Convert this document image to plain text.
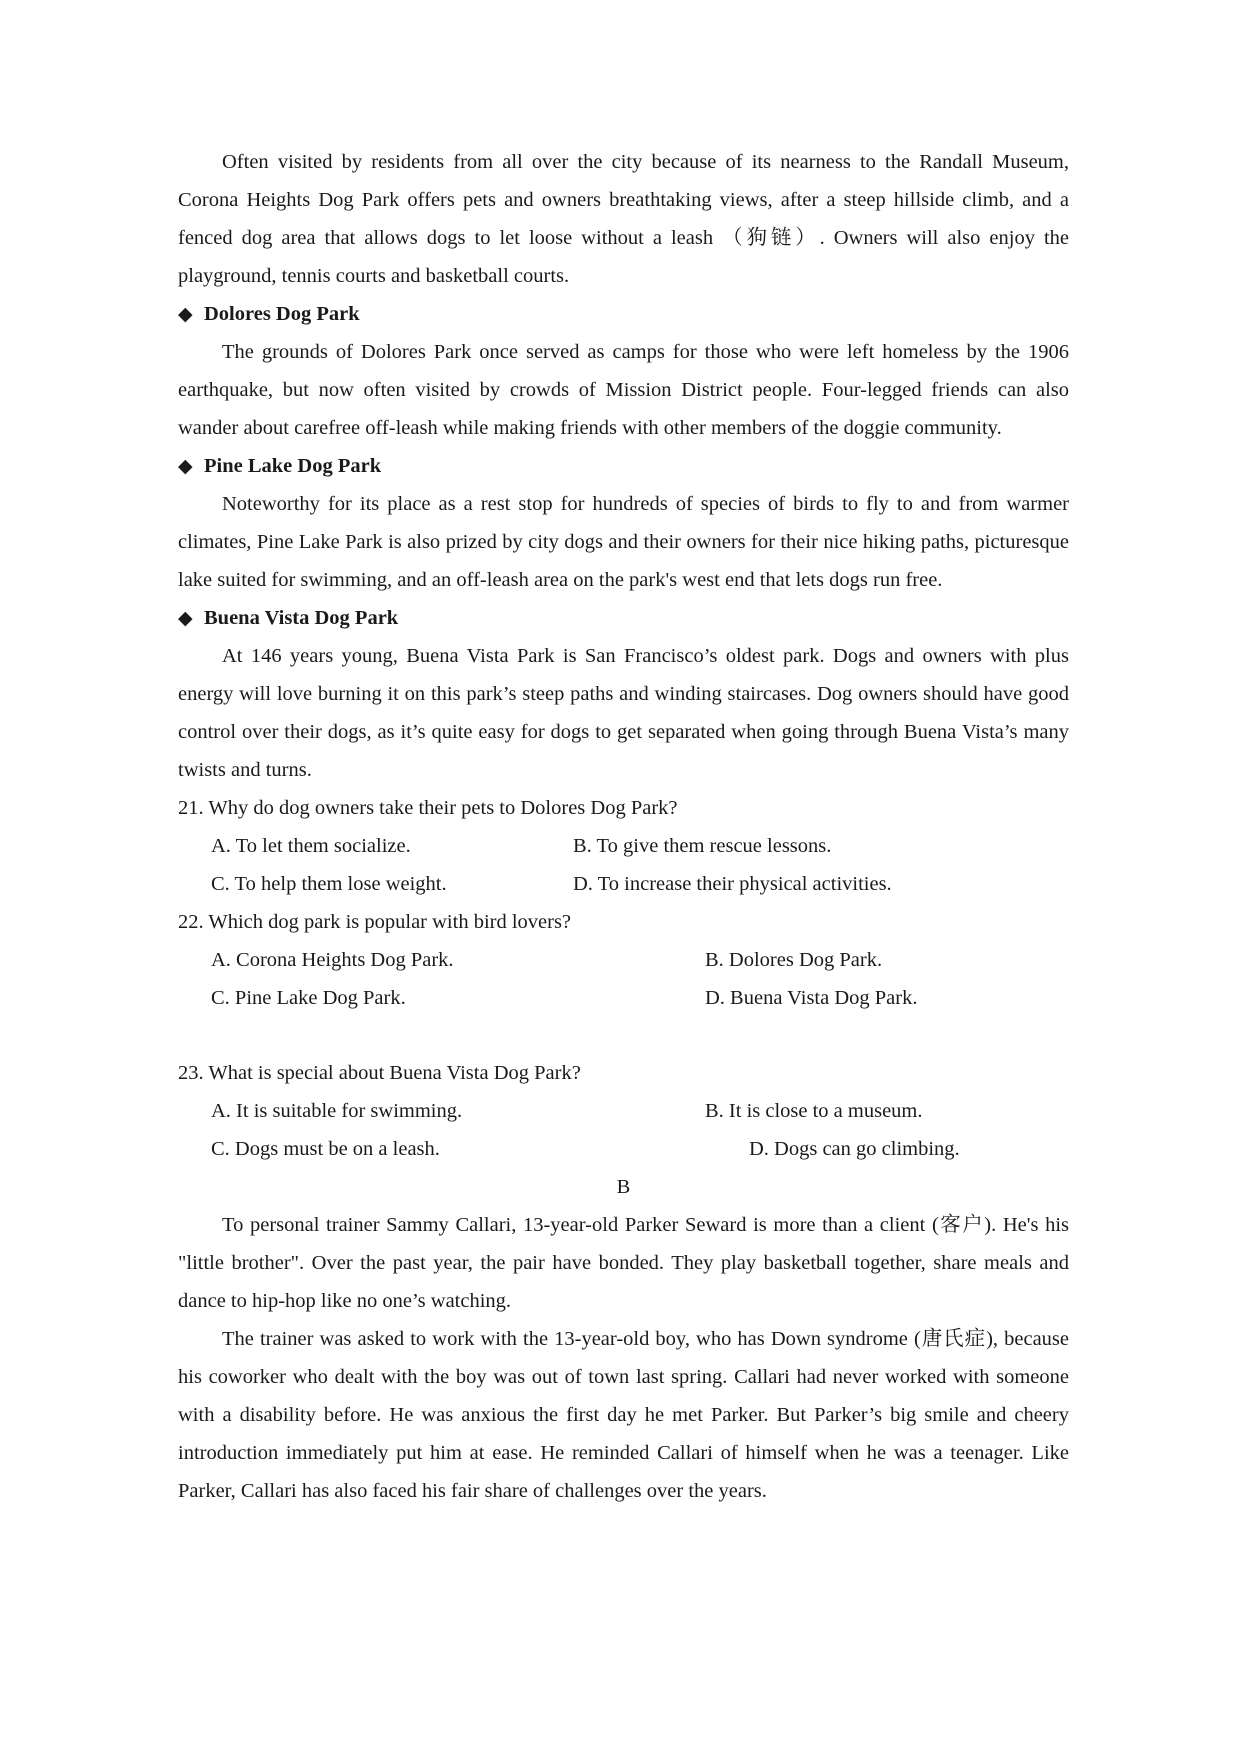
Often visited by residents from all over the city because of its nearness to the Randall Museum, Corona Heights Dog Park offers pets and owners breathtaking views, after a steep hillside climb, and a fenced dog area that allows dogs to let loose without a leash （狗链）. Owners will also enjoy the playground, tennis courts and basketball courts.

◆ Dolores Dog Park

The grounds of Dolores Park once served as camps for those who were left homeless by the 1906 earthquake, but now often visited by crowds of Mission District people. Four-legged friends can also wander about carefree off-leash while making friends with other members of the doggie community.

◆ Pine Lake Dog Park

Noteworthy for its place as a rest stop for hundreds of species of birds to fly to and from warmer climates, Pine Lake Park is also prized by city dogs and their owners for their nice hiking paths, picturesque lake suited for swimming, and an off-leash area on the park's west end that lets dogs run free.

◆ Buena Vista Dog Park

At 146 years young, Buena Vista Park is San Francisco’s oldest park. Dogs and owners with plus energy will love burning it on this park’s steep paths and winding staircases. Dog owners should have good control over their dogs, as it’s quite easy for dogs to get separated when going through Buena Vista’s many twists and turns.

21. Why do dog owners take their pets to Dolores Dog Park?
A. To let them socialize.	B. To give them rescue lessons.
C. To help them lose weight.	D. To increase their physical activities.
22. Which dog park is popular with bird lovers?
A. Corona Heights Dog Park.	B. Dolores Dog Park.
C. Pine Lake Dog Park.	D. Buena Vista Dog Park.
23. What is special about Buena Vista Dog Park?
A. It is suitable for swimming.	B. It is close to a museum.
C. Dogs must be on a leash.	D. Dogs can go climbing.
B

To personal trainer Sammy Callari, 13-year-old Parker Seward is more than a client (客户). He's his "little brother". Over the past year, the pair have bonded. They play basketball together, share meals and dance to hip-hop like no one’s watching.

The trainer was asked to work with the 13-year-old boy, who has Down syndrome (唐氏症), because his coworker who dealt with the boy was out of town last spring. Callari had never worked with someone with a disability before. He was anxious the first day he met Parker. But Parker’s big smile and cheery introduction immediately put him at ease. He reminded Callari of himself when he was a teenager. Like Parker, Callari has also faced his fair share of challenges over the years.
